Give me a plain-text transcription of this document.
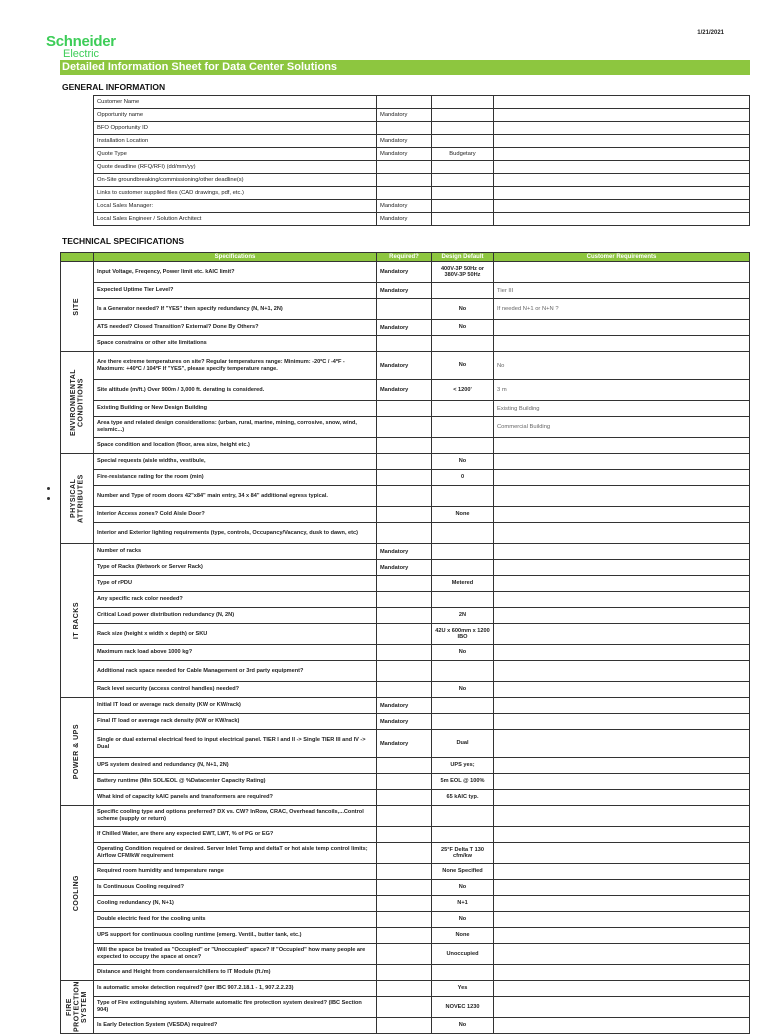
1/21/2021
Schneider
Electric
Detailed Information Sheet for Data Center Solutions
GENERAL INFORMATION
Customer Name			
Opportunity name	Mandatory		
BFO Opportunity ID			
Installation Location	Mandatory		
Quote Type	Mandatory	Budgetary	
Quote deadline (RFQ/RFI) (dd/mm/yy)			
On-Site groundbreaking/commissioning/other deadline(s)			
Links to customer supplied files (CAD drawings, pdf, etc.)			
Local Sales Manager:	Mandatory		
Local Sales Engineer / Solution Architect	Mandatory		
TECHNICAL SPECIFICATIONS
	Specifications	Required?	Design Default	Customer Requirements

SITE	Input Voltage, Freqency, Power limit etc. kAIC limit?	Mandatory	400V-3P 50Hz or 380V-3P 50Hz	
	Expected Uptime Tier Level?	Mandatory		Tier III
	Is a Generator needed? If "YES" then specify redundancy (N, N+1, 2N)		No	If needed N+1 or N+N ?
	ATS needed? Closed Transition? External? Done By Others?	Mandatory	No	
	Space constrains or other site limitations			

ENVIRONMENTAL CONDITIONS	Are there extreme temperatures on site? Regular temperatures range: Minimum: -20ºC / -4ºF - Maximum: +40ºC / 104ºF If "YES", please specify temperature range.	Mandatory	No	No
	Site altitude (m/ft.) Over 900m / 3,000 ft. derating is considered.	Mandatory	< 1200'	3 m
	Existing Building or New Design Building			Existing Building
	Area type and related design considerations: (urban, rural, marine, mining, corrosive, snow, wind, seismic...)			Commercial Building
	Space condition and location (floor, area size, height etc.)			

PHYSICAL ATTRIBUTES	Special requests (aisle widths, vestibule,		No	
	Fire-resistance rating for the room (min)		0	
	Number and Type of room doors 42"x84" main entry, 34 x 84" additional egress typical.			
	Interior Access zones? Cold Aisle Door?		None	
	Interior and Exterior lighting requirements (type, controls, Occupancy/Vacancy, dusk to dawn, etc)			

IT RACKS	Number of racks	Mandatory		
	Type of Racks (Network or Server Rack)	Mandatory		
	Type of rPDU		Metered	
	Any specific rack color needed?			
	Critical Load power distribution redundancy (N, 2N)		2N	
	Rack size (height x width x depth) or SKU		42U x 600mm x 1200 IBO	
	Maximum rack load above 1000 kg?		No	
	Additional rack space needed for Cable Management or 3rd party equipment?			
	Rack level security (access control handles) needed?		No	

POWER & UPS	Initial IT load or average rack density (KW or KW/rack)	Mandatory		
	Final IT load or average rack density (KW or KW/rack)	Mandatory		
	Single or dual external electrical feed to input electrical panel. TIER I and II -> Single TIER III and IV -> Dual	Mandatory	Dual	
	UPS system desired and redundancy (N, N+1, 2N)		UPS yes;	
	Battery runtime (Min SOL/EOL @ %Datacenter Capacity Rating)		5m EOL @ 100%	
	What kind of capacity kAIC panels and transformers are required?		65 kAIC typ.	

COOLING	Specific cooling type and options preferred? DX vs. CW? InRow, CRAC, Overhead fancoils,...Control scheme (supply or return)			
	If Chilled Water, are there any expected EWT, LWT, % of PG or EG?			
	Operating Condition required or desired. Server Inlet Temp and deltaT or hot aisle temp control limits; Airflow CFM/kW requirement		25°F Delta T 130 cfm/kw	
	Required room humidity and temperature range		None Specified	
	Is Continuous Cooling required?		No	
	Cooling redundancy (N, N+1)		N+1	
	Double electric feed for the cooling units		No	
	UPS support for continuous cooling runtime (emerg. Ventil., butter tank, etc.)		None	
	Will the space be treated as "Occupied" or "Unoccupied" space? If "Occupied" how many people are expected to occupy the space at once?		Unoccupied	
	Distance and Height from condensers/chillers to IT Module (ft./m)			

FIRE PROTECTION SYSTEM	Is automatic smoke detection required? (per IBC 907.2.18.1 - 1, 907.2.2.23)		Yes	
	Type of Fire extinguishing system. Alternate automatic fire protection system desired? (IBC Section 904)		NOVEC 1230	
	Is Early Detection System (VESDA) required?		No	
